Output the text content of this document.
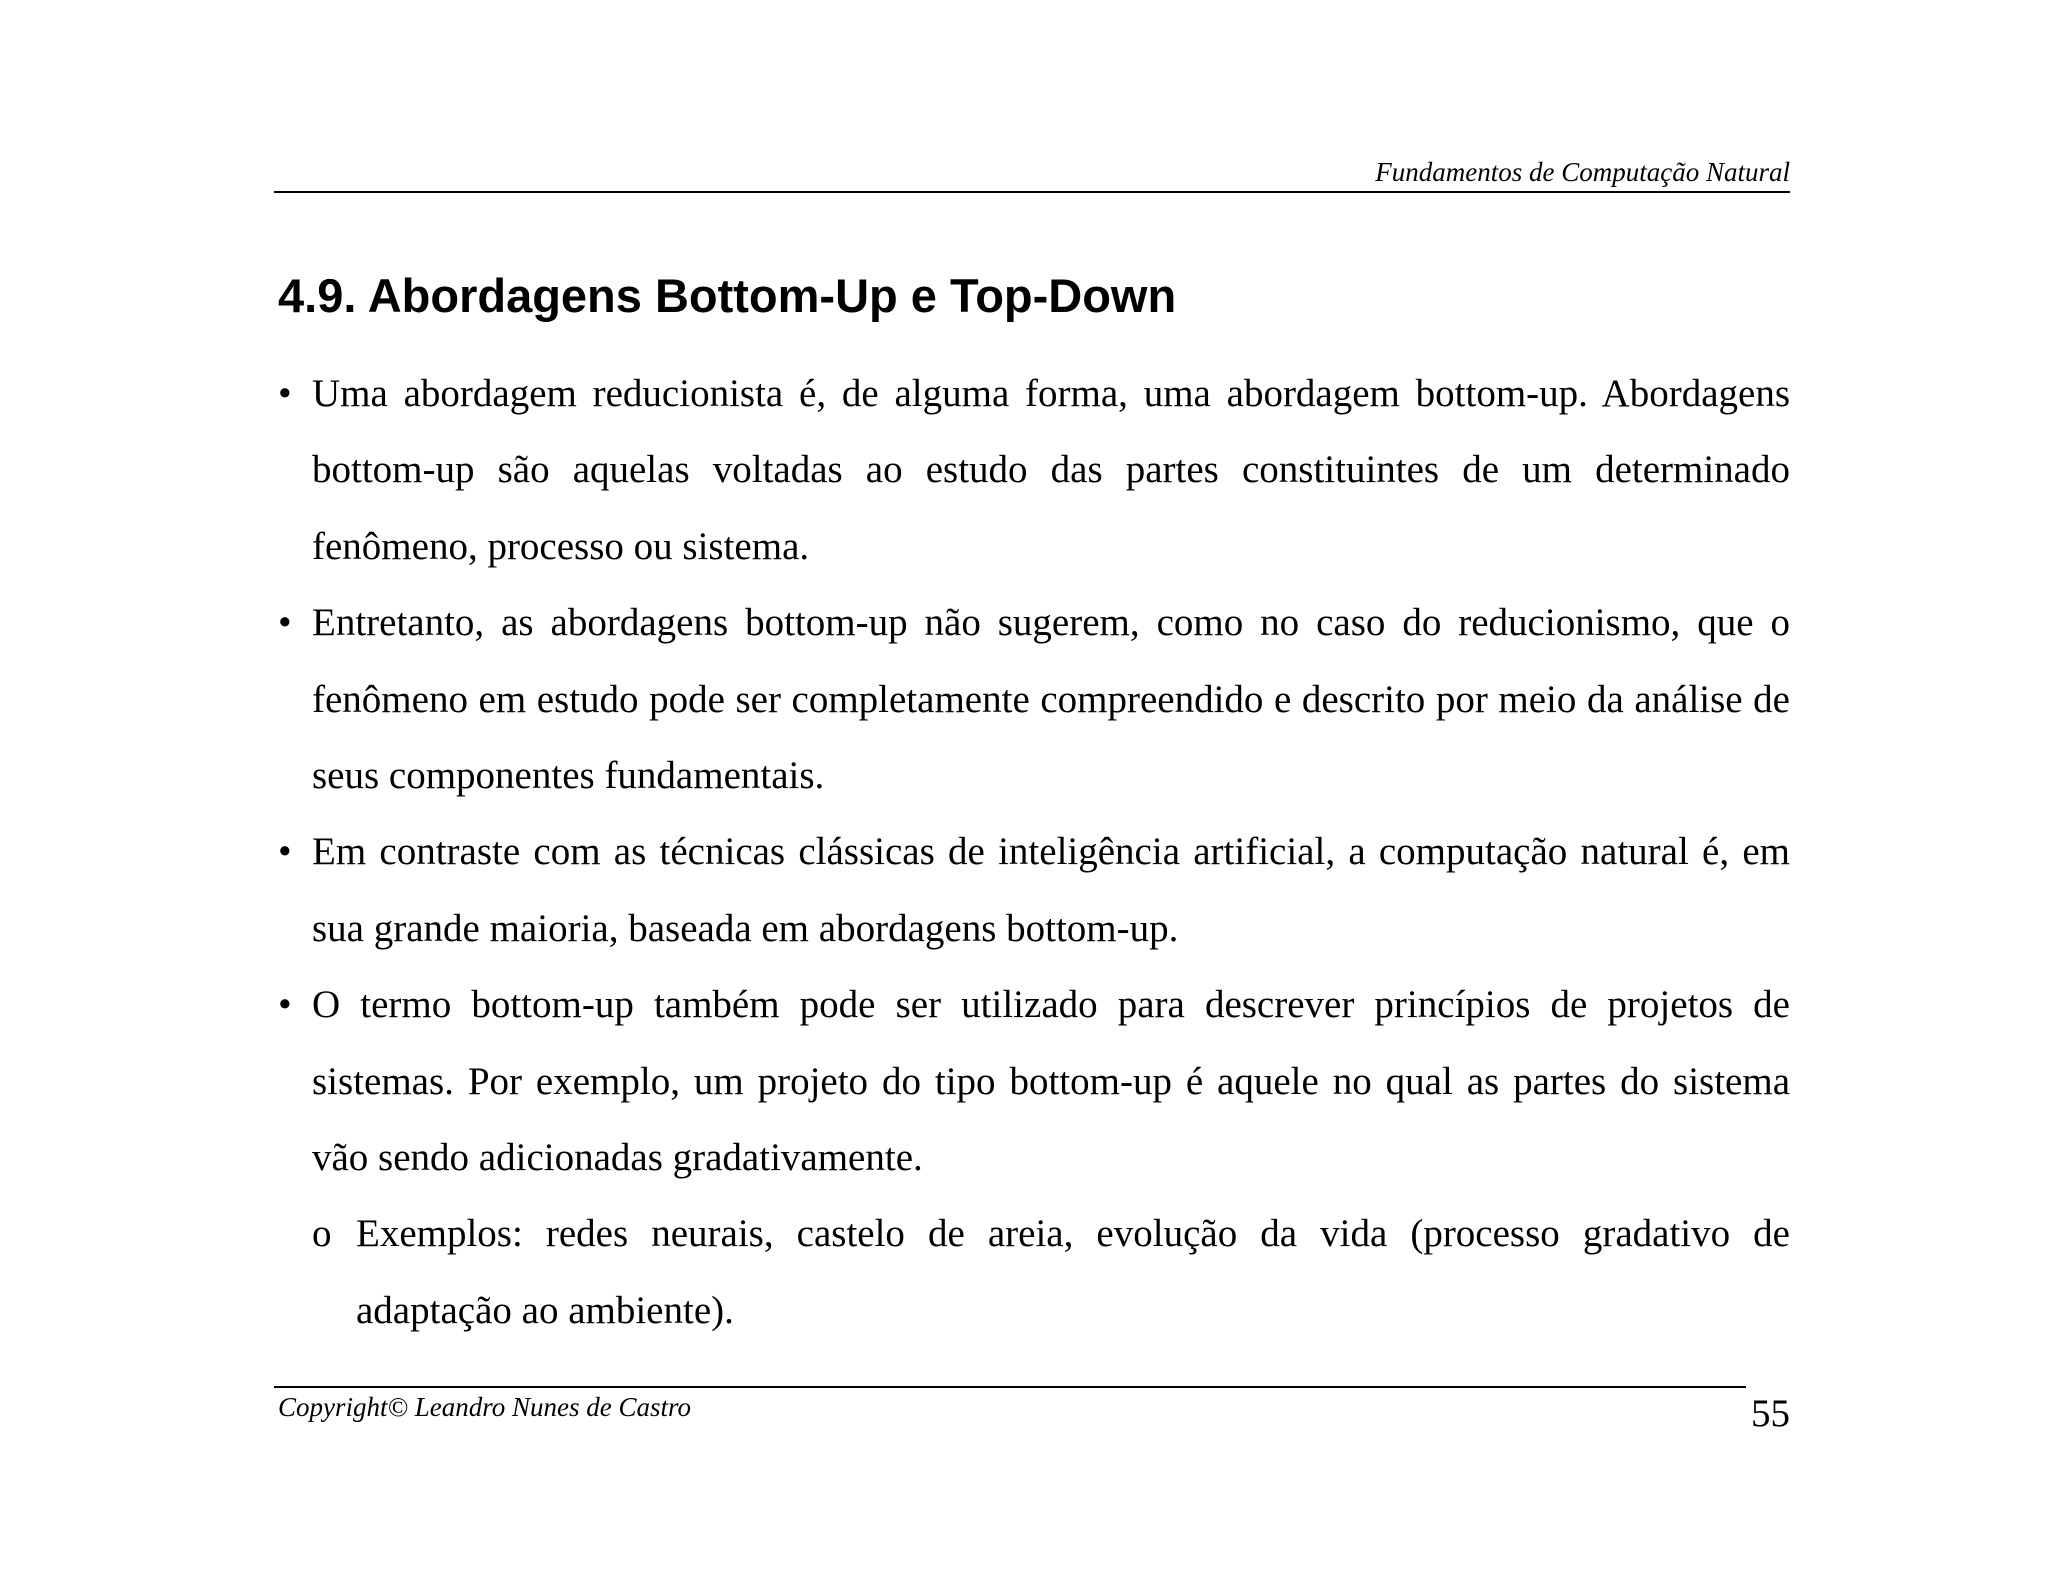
Fundamentos de Computação Natural
4.9. Abordagens Bottom-Up e Top-Down
• Uma abordagem reducionista é, de alguma forma, uma abordagem bottom-up. Abordagens bottom-up são aquelas voltadas ao estudo das partes constituintes de um determinado fenômeno, processo ou sistema.
• Entretanto, as abordagens bottom-up não sugerem, como no caso do reducionismo, que o fenômeno em estudo pode ser completamente compreendido e descrito por meio da análise de seus componentes fundamentais.
• Em contraste com as técnicas clássicas de inteligência artificial, a computação natural é, em sua grande maioria, baseada em abordagens bottom-up.
• O termo bottom-up também pode ser utilizado para descrever princípios de projetos de sistemas. Por exemplo, um projeto do tipo bottom-up é aquele no qual as partes do sistema vão sendo adicionadas gradativamente.
o Exemplos: redes neurais, castelo de areia, evolução da vida (processo gradativo de adaptação ao ambiente).
Copyright© Leandro Nunes de Castro	55
